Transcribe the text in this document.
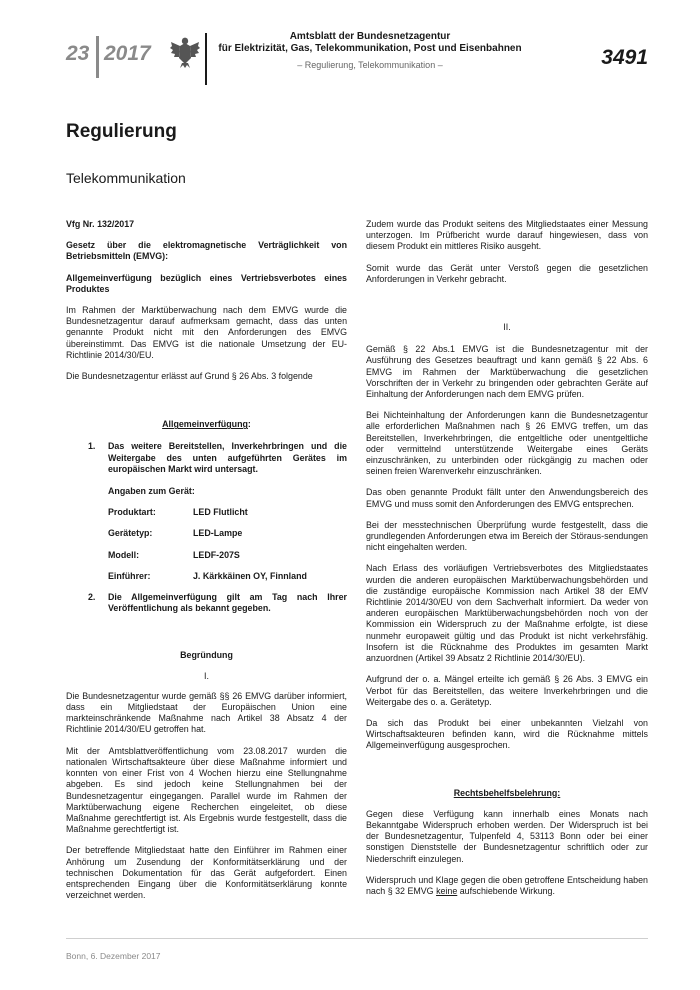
23 2017
Amtsblatt der Bundesnetzagentur
für Elektrizität, Gas, Telekommunikation, Post und Eisenbahnen
– Regulierung, Telekommunikation –	3491
Regulierung
Telekommunikation

Vfg Nr. 132/2017

Gesetz über die elektromagnetische Verträglichkeit von Betriebsmitteln (EMVG):

Allgemeinverfügung bezüglich eines Vertriebsverbotes eines Produktes

Im Rahmen der Marktüberwachung nach dem EMVG wurde die Bundesnetzagentur darauf aufmerksam gemacht, dass das unten genannte Produkt nicht mit den Anforderungen des EMVG übereinstimmt. Das EMVG ist die nationale Umsetzung der EU-Richtlinie 2014/30/EU.

Die Bundesnetzagentur erlässt auf Grund § 26 Abs. 3 folgende

Allgemeinverfügung:

1.	Das weitere Bereitstellen, Inverkehrbringen und die Weitergabe des unten aufgeführten Gerätes im europäischen Markt wird untersagt.

Angaben zum Gerät:

Produktart:	LED Flutlicht
Gerätetyp:	LED-Lampe
Modell:	LEDF-207S
Einführer:	J. Kärkkäinen OY, Finnland
2.	Die Allgemeinverfügung gilt am Tag nach Ihrer Veröffentlichung als bekannt gegeben.

Begründung

I.

Die Bundesnetzagentur wurde gemäß §§ 26 EMVG darüber informiert, dass ein Mitgliedstaat der Europäischen Union eine markteinschränkende Maßnahme nach Artikel 38 Absatz 4 der Richtlinie 2014/30/EU getroffen hat.

Mit der Amtsblattveröffentlichung vom 23.08.2017 wurden die nationalen Wirtschaftsakteure über diese Maßnahme informiert und konnten von einer Frist von 4 Wochen hierzu eine Stellungnahme abgeben. Es sind jedoch keine Stellungnahmen bei der Bundesnetzagentur eingegangen. Parallel wurde im Rahmen der Marktüberwachung eigene Recherchen eingeleitet, ob diese Maßnahme gerechtfertigt ist. Als Ergebnis wurde festgestellt, dass die Maßnahme gerechtfertigt ist.

Der betreffende Mitgliedstaat hatte den Einführer im Rahmen einer Anhörung um Zusendung der Konformitätserklärung und der technischen Dokumentation für das Gerät aufgefordert. Einen entsprechenden Eingang über die Konformitätserklärung konnte verzeichnet werden.

Zudem wurde das Produkt seitens des Mitgliedstaates einer Messung unterzogen. Im Prüfbericht wurde darauf hingewiesen, dass von diesem Produkt ein mittleres Risiko ausgeht.

Somit wurde das Gerät unter Verstoß gegen die gesetzlichen Anforderungen in Verkehr gebracht.

II.

Gemäß § 22 Abs.1 EMVG ist die Bundesnetzagentur mit der Ausführung des Gesetzes beauftragt und kann gemäß § 22 Abs. 6 EMVG im Rahmen der Marktüberwachung die gesetzlichen Vorschriften der in Verkehr zu bringenden oder gebrachten Geräte auf Einhaltung der Anforderungen nach dem EMVG prüfen.

Bei Nichteinhaltung der Anforderungen kann die Bundesnetzagentur alle erforderlichen Maßnahmen nach § 26 EMVG treffen, um das Bereitstellen, Inverkehrbringen, die entgeltliche oder unentgeltliche oder vermittelnd unterstützende Weitergabe eines Geräts einzuschränken, zu unterbinden oder rückgängig zu machen oder seinen freien Warenverkehr einzuschränken.

Das oben genannte Produkt fällt unter den Anwendungsbereich des EMVG und muss somit den Anforderungen des EMVG entsprechen.

Bei der messtechnischen Überprüfung wurde festgestellt, dass die grundlegenden Anforderungen etwa im Bereich der Störaus-sendungen nicht eingehalten werden.

Nach Erlass des vorläufigen Vertriebsverbotes des Mitgliedstaates wurden die anderen europäischen Marktüberwachungsbehörden und die zuständige europäische Kommission nach Artikel 38 der EMV Richtlinie 2014/30/EU von dem Sachverhalt informiert. Da weder von anderen europäischen Marktüberwachungsbehörden noch von der Kommission ein Widerspruch zu der Maßnahme erfolgte, ist diese nunmehr europaweit gültig und das Produkt ist nicht verkehrsfähig. Insofern ist die Rücknahme des Produktes im gesamten Markt anzuordnen (Artikel 39 Absatz 2 Richtlinie 2014/30/EU).

Aufgrund der o. a. Mängel erteilte ich gemäß § 26 Abs. 3 EMVG ein Verbot für das Bereitstellen, das weitere Inverkehrbringen und die Weitergabe des o. a. Gerätetyp.

Da sich das Produkt bei einer unbekannten Vielzahl von Wirtschaftsakteuren befinden kann, wird die Rücknahme mittels Allgemeinverfügung ausgesprochen.

Rechtsbehelfsbelehrung:

Gegen diese Verfügung kann innerhalb eines Monats nach Bekanntgabe Widerspruch erhoben werden. Der Widerspruch ist bei der Bundesnetzagentur, Tulpenfeld 4, 53113 Bonn oder bei einer sonstigen Dienststelle der Bundesnetzagentur schriftlich oder zur Niederschrift einzulegen.

Widerspruch und Klage gegen die oben getroffene Entscheidung haben nach § 32 EMVG keine aufschiebende Wirkung.

Bonn, 6. Dezember 2017
